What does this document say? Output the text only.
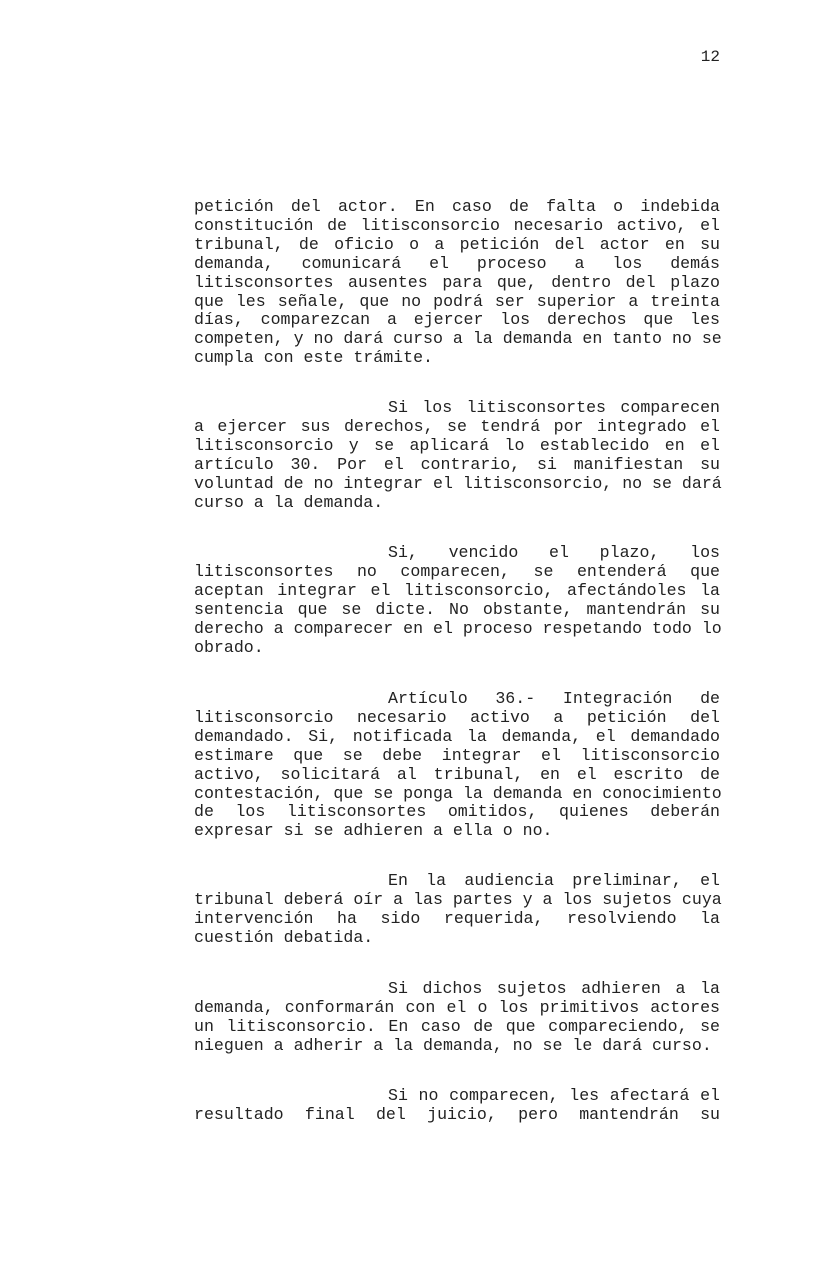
12
petición del actor. En caso de falta o indebida
constitución de litisconsorcio necesario activo, el
tribunal, de oficio o a petición del actor en su
demanda, comunicará el proceso a los demás
litisconsortes ausentes para que, dentro del plazo
que les señale, que no podrá ser superior a treinta
días, comparezcan a ejercer los derechos que les
competen, y no dará curso a la demanda en tanto no se
cumpla con este trámite.
Si los litisconsortes comparecen
a ejercer sus derechos, se tendrá por integrado el
litisconsorcio y se aplicará lo establecido en el
artículo 30. Por el contrario, si manifiestan su
voluntad de no integrar el litisconsorcio, no se dará
curso a la demanda.
Si, vencido el plazo, los
litisconsortes no comparecen, se entenderá que
aceptan integrar el litisconsorcio, afectándoles la
sentencia que se dicte. No obstante, mantendrán su
derecho a comparecer en el proceso respetando todo lo
obrado.
Artículo 36.- Integración de
litisconsorcio necesario activo a petición del
demandado. Si, notificada la demanda, el demandado
estimare que se debe integrar el litisconsorcio
activo, solicitará al tribunal, en el escrito de
contestación, que se ponga la demanda en conocimiento
de los litisconsortes omitidos, quienes deberán
expresar si se adhieren a ella o no.
En la audiencia preliminar, el
tribunal deberá oír a las partes y a los sujetos cuya
intervención ha sido requerida, resolviendo la
cuestión debatida.
Si dichos sujetos adhieren a la
demanda, conformarán con el o los primitivos actores
un litisconsorcio. En caso de que compareciendo, se
nieguen a adherir a la demanda, no se le dará curso.
Si no comparecen, les afectará el
resultado final del juicio, pero mantendrán su
